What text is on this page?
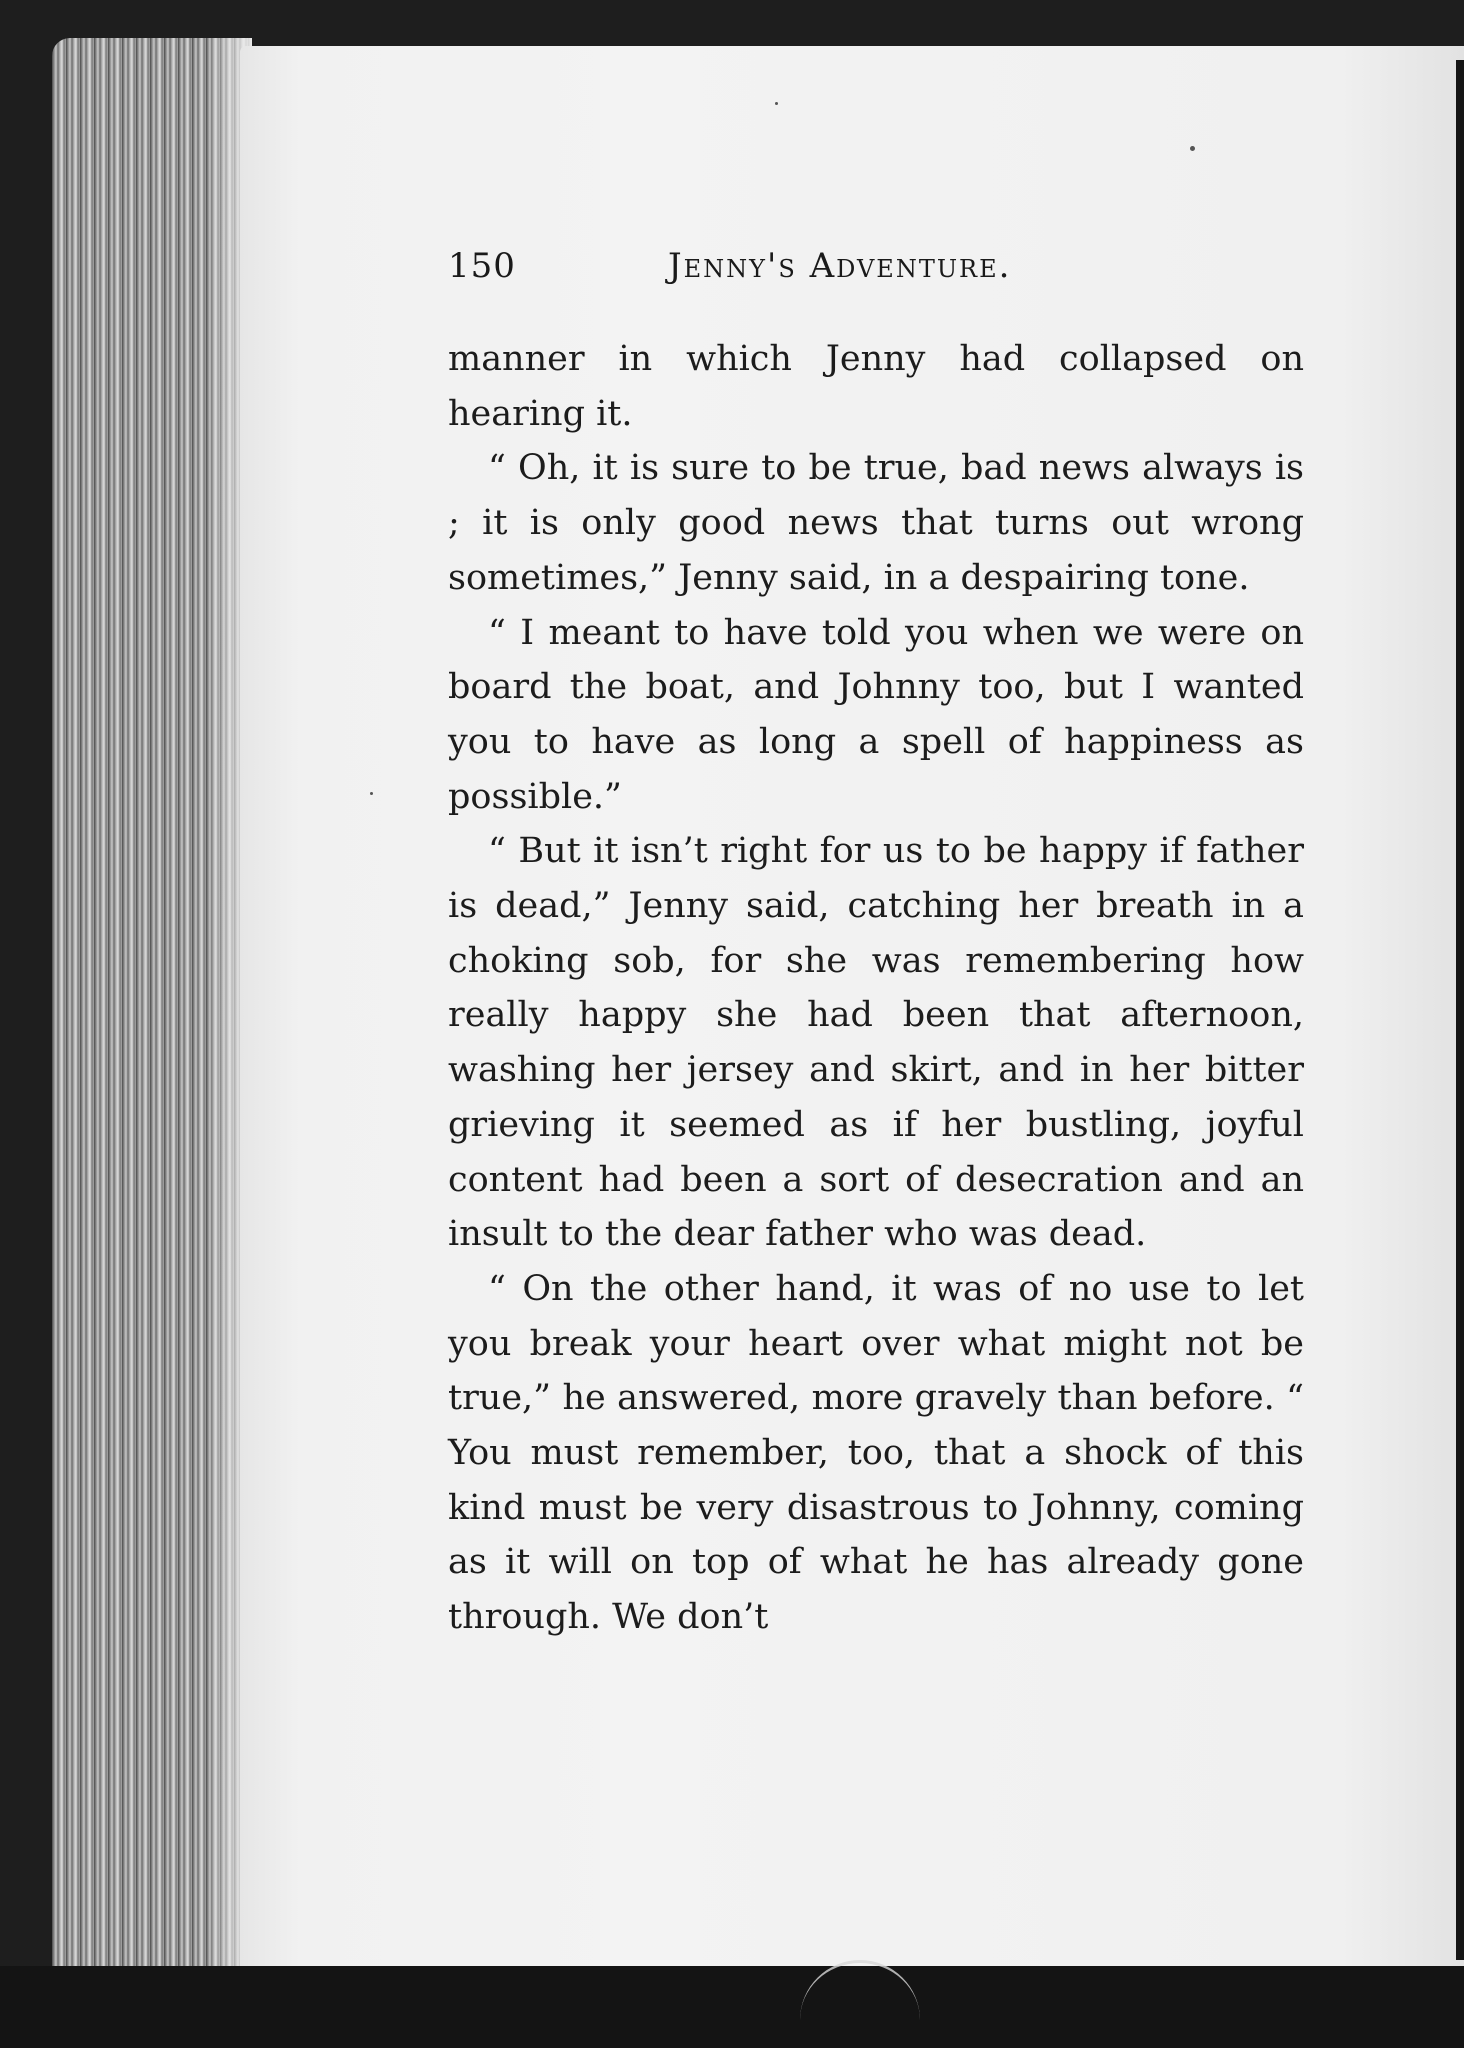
150	Jenny's Adventure.

manner in which Jenny had collapsed on hearing it.

“ Oh, it is sure to be true, bad news always is ; it is only good news that turns out wrong sometimes,” Jenny said, in a despairing tone.

“ I meant to have told you when we were on board the boat, and Johnny too, but I wanted you to have as long a spell of happiness as possible.”

“ But it isn’t right for us to be happy if father is dead,” Jenny said, catching her breath in a choking sob, for she was remembering how really happy she had been that afternoon, washing her jersey and skirt, and in her bitter grieving it seemed as if her bustling, joyful content had been a sort of desecration and an insult to the dear father who was dead.

“ On the other hand, it was of no use to let you break your heart over what might not be true,” he answered, more gravely than before. “ You must remember, too, that a shock of this kind must be very disastrous to Johnny, coming as it will on top of what he has already gone through. We don’t
